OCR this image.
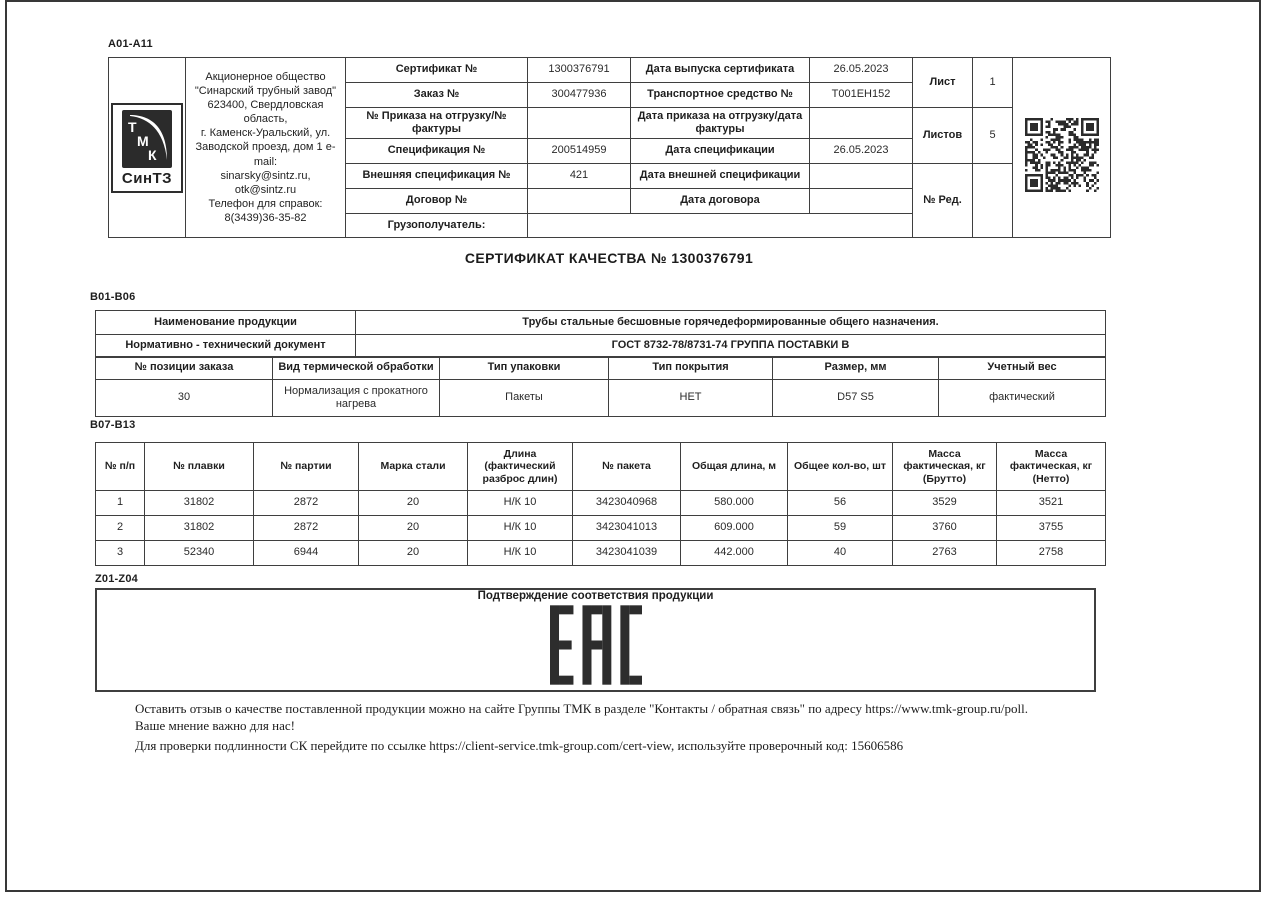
A01-A11
Т
М
К
СинТЗ

Акционерное общество
"Синарский трубный завод"
623400, Свердловская область,
г. Каменск-Уральский, ул.
Заводской проезд, дом 1 e-mail:
sinarsky@sintz.ru, otk@sintz.ru
Телефон для справок:
8(3439)36-35-82
	Сертификат №	1300376791	Дата выпуска сертификата	26.05.2023	Лист	1	

		Заказ №	300477936	Транспортное средство №	Т001ЕН152			
		№ Приказа на отгрузку/№ фактуры		Дата приказа на отгрузку/дата фактуры		Листов	5	
		Спецификация №	200514959	Дата спецификации	26.05.2023			
		Внешняя спецификация №	421	Дата внешней спецификации		№ Ред.		
		Договор №		Дата договора				
		Грузополучатель:						
СЕРТИФИКАТ КАЧЕСТВА № 1300376791
B01-B06
Наименование продукции	Трубы стальные бесшовные горячедеформированные общего назначения.
Нормативно - технический документ	ГОСТ 8732-78/8731-74 ГРУППА ПОСТАВКИ В
№ позиции заказа	Вид термической обработки	Тип упаковки	Тип покрытия	Размер, мм	Учетный вес
30	Нормализация с прокатного нагрева	Пакеты	НЕТ	D57 S5	фактический
B07-B13
№ п/п	№ плавки	№ партии	Марка стали	Длина (фактический разброс длин)	№ пакета	Общая длина, м	Общее кол-во, шт	Масса фактическая, кг (Брутто)	Масса фактическая, кг (Нетто)
1	31802	2872	20	Н/К 10	3423040968	580.000	56	3529	3521
2	31802	2872	20	Н/К 10	3423041013	609.000	59	3760	3755
3	52340	6944	20	Н/К 10	3423041039	442.000	40	2763	2758
Z01-Z04
Подтверждение соответствия продукции
Оставить отзыв о качестве поставленной продукции можно на сайте Группы ТМК в разделе "Контакты / обратная связь" по адресу https://www.tmk-group.ru/poll.
Ваше мнение важно для нас!
Для проверки подлинности СК перейдите по ссылке https://client-service.tmk-group.com/cert-view, используйте проверочный код: 15606586
